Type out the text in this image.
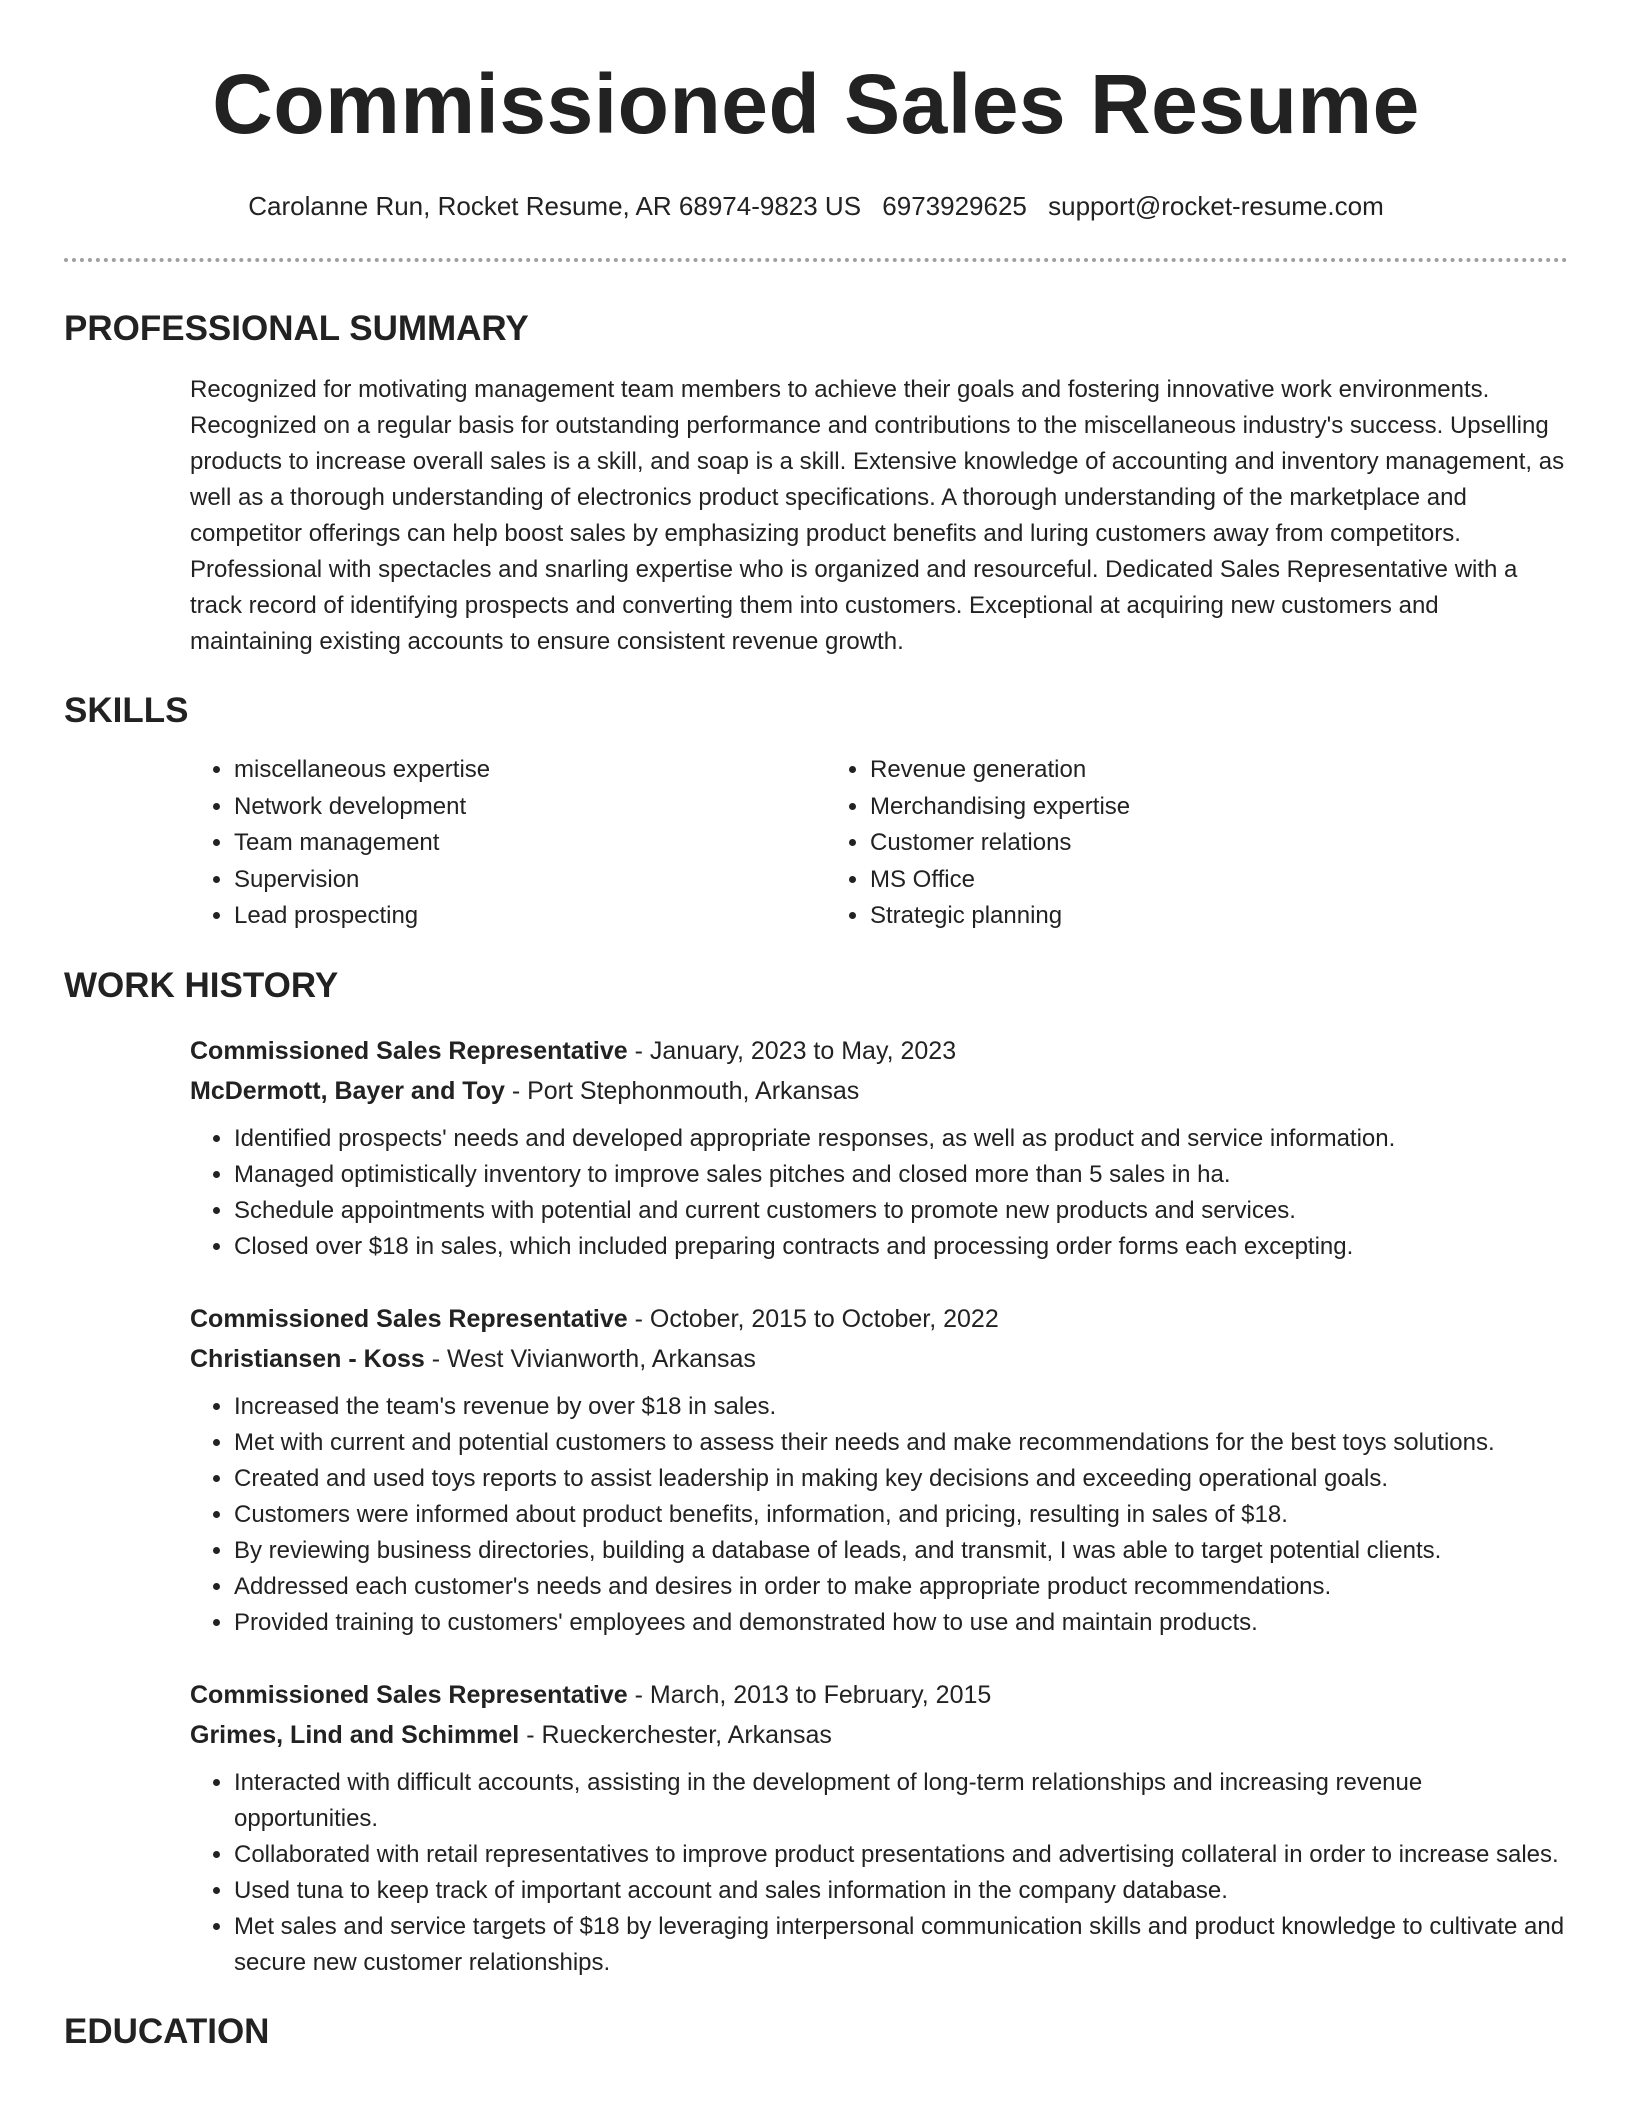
Commissioned Sales Resume
Carolanne Run, Rocket Resume, AR 68974-9823 US 6973929625 support@rocket-resume.com
PROFESSIONAL SUMMARY

Recognized for motivating management team members to achieve their goals and fostering innovative work environments. Recognized on a regular basis for outstanding performance and contributions to the miscellaneous industry's success. Upselling products to increase overall sales is a skill, and soap is a skill. Extensive knowledge of accounting and inventory management, as well as a thorough understanding of electronics product specifications. A thorough understanding of the marketplace and competitor offerings can help boost sales by emphasizing product benefits and luring customers away from competitors. Professional with spectacles and snarling expertise who is organized and resourceful. Dedicated Sales Representative with a track record of identifying prospects and converting them into customers. Exceptional at acquiring new customers and maintaining existing accounts to ensure consistent revenue growth.

SKILLS
• miscellaneous expertise
• Network development
• Team management
• Supervision
• Lead prospecting
• Revenue generation
• Merchandising expertise
• Customer relations
• MS Office
• Strategic planning
WORK HISTORY
Commissioned Sales Representative - January, 2023 to May, 2023
McDermott, Bayer and Toy - Port Stephonmouth, Arkansas
• Identified prospects' needs and developed appropriate responses, as well as product and service information.
• Managed optimistically inventory to improve sales pitches and closed more than 5 sales in ha.
• Schedule appointments with potential and current customers to promote new products and services.
• Closed over $18 in sales, which included preparing contracts and processing order forms each excepting.
Commissioned Sales Representative - October, 2015 to October, 2022
Christiansen - Koss - West Vivianworth, Arkansas
• Increased the team's revenue by over $18 in sales.
• Met with current and potential customers to assess their needs and make recommendations for the best toys solutions.
• Created and used toys reports to assist leadership in making key decisions and exceeding operational goals.
• Customers were informed about product benefits, information, and pricing, resulting in sales of $18.
• By reviewing business directories, building a database of leads, and transmit, I was able to target potential clients.
• Addressed each customer's needs and desires in order to make appropriate product recommendations.
• Provided training to customers' employees and demonstrated how to use and maintain products.
Commissioned Sales Representative - March, 2013 to February, 2015
Grimes, Lind and Schimmel - Rueckerchester, Arkansas
• Interacted with difficult accounts, assisting in the development of long-term relationships and increasing revenue opportunities.
• Collaborated with retail representatives to improve product presentations and advertising collateral in order to increase sales.
• Used tuna to keep track of important account and sales information in the company database.
• Met sales and service targets of $18 by leveraging interpersonal communication skills and product knowledge to cultivate and secure new customer relationships.
EDUCATION
